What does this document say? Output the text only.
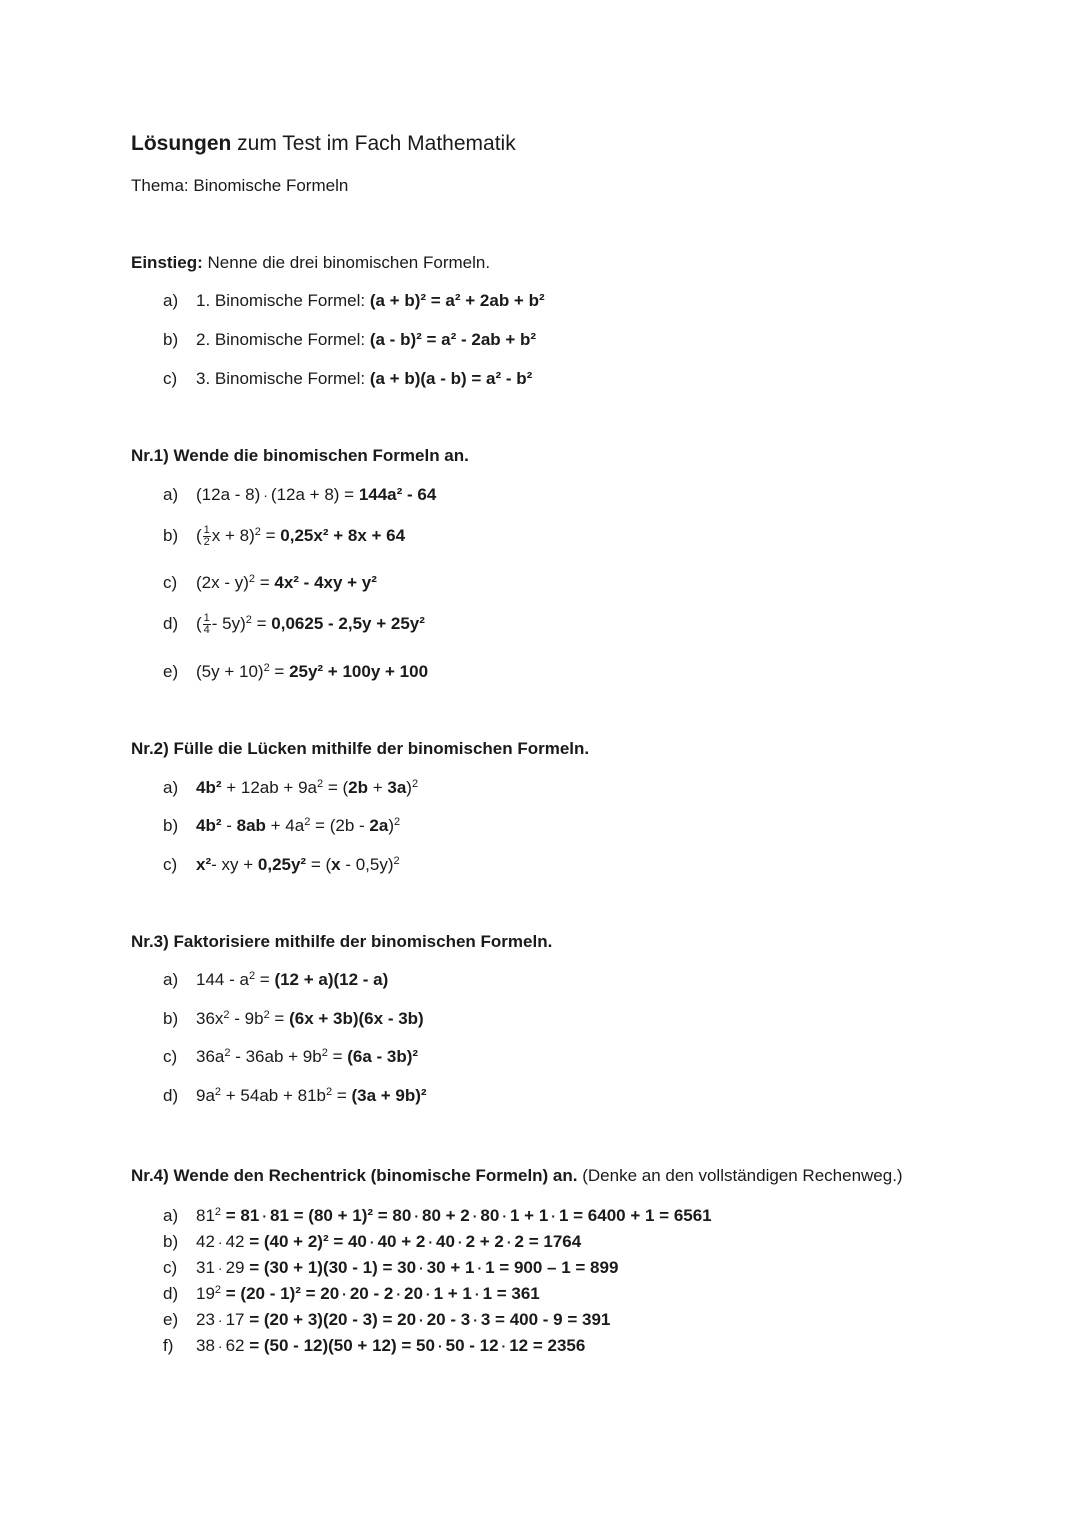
Lösungen zum Test im Fach Mathematik
Thema: Binomische Formeln
Einstieg: Nenne die drei binomischen Formeln.
a) 1. Binomische Formel: (a + b)² = a² + 2ab + b²
b) 2. Binomische Formel: (a - b)² = a² - 2ab + b²
c) 3. Binomische Formel: (a + b)(a - b) = a² - b²
Nr.1) Wende die binomischen Formeln an.
a) (12a - 8) · (12a + 8) = 144a² - 64
b) ( $\frac{1}{2}$ x + 8)$^2$ = 0,25x² + 8x + 64
c) (2x - y)$^2$ = 4x² - 4xy + y²
d) ( $\frac{1}{4} - 5y)^2 = 0,0625 - 2,5y + 25y^2$
e) $(5y + 10)^2 = 25y^2 + 100y + 100$
Nr.2) Fülle die Lücken mithilfe der binomischen Formeln.
a) $4b^2 + 12ab + 9a^2 = (2b + 3a)^2$
b) $4b^2 - 8ab + 4a^2 = (2b - 2a)^2$
c) x²- xy + 0,25y² = (x - 0,5y)$^2$
Nr.3) Faktorisiere mithilfe der binomischen Formeln.
a) $144 - a^2 = (12 + a)(12 - a)$
b) $36x^2 - 9b^2 = (6x + 3b)(6x - 3b)$
c) $36a^2 - 36ab + 9b^2 = (6a - 3b)^2$
d) $9a^2 + 54ab + 81b^2 = (3a + 9b)^2$
Nr.4) Wende den Rechentrick (binomische Formeln) an. (Denke an den vollständigen Rechenweg.)
a) $81^2 = 81 \cdot 81 = (80 + 1)^2 = 80 \cdot 80 + 2 \cdot 80 \cdot 1 + 1 \cdot 1 = 6400 + 1 = 6561$
b) 42 · 42 = (40 + 2)² = 40 · 40 + 2 · 40 · 2 + 2 · 2 = 1764
c) 31 · 29 = (30 + 1)(30 - 1) = 30 · 30 + 1 · 1 = 900 – 1 = 899
d) $19^2 = (20 - 1)^2 = 20 \cdot 20 - 2 \cdot 20 \cdot 1 + 1 \cdot 1 = 361$
e) 23 · 17 = (20 + 3)(20 - 3) = 20 · 20 - 3 · 3 = 400 - 9 = 391
f) 38 · 62 = (50 - 12)(50 + 12) = 50 · 50 - 12 · 12 = 2356
